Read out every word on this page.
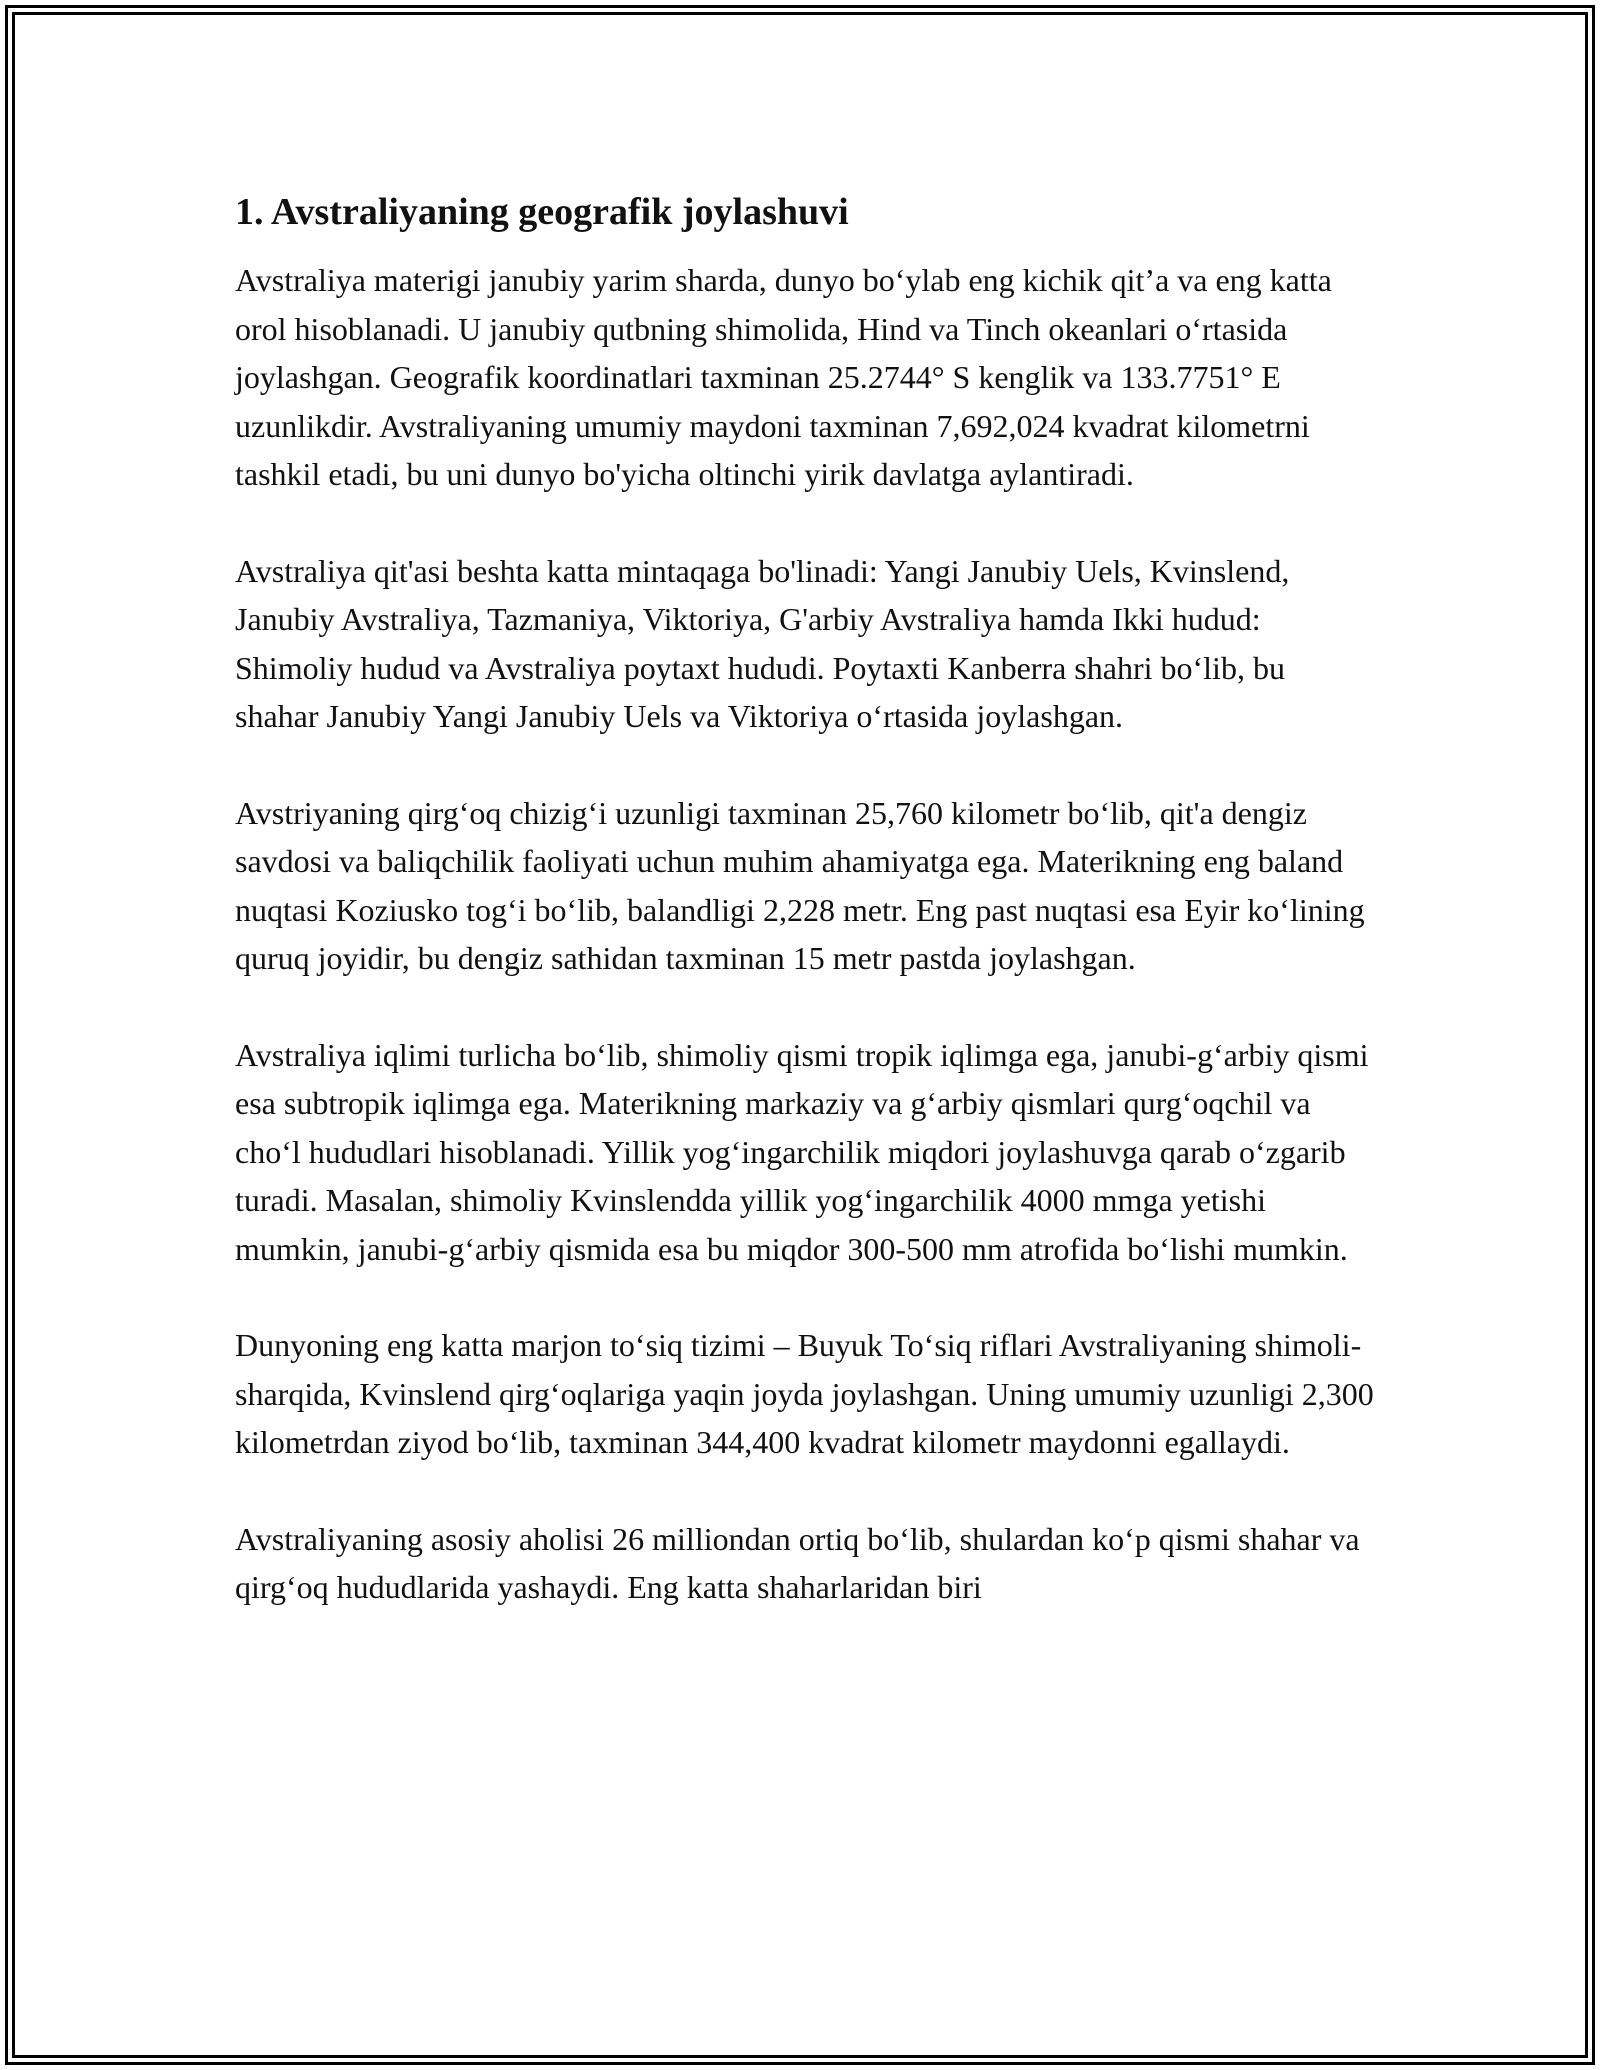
1. Avstraliyaning geografik joylashuvi

Avstraliya materigi janubiy yarim sharda, dunyo bo‘ylab eng kichik qit’a va eng katta orol hisoblanadi. U janubiy qutbning shimolida, Hind va Tinch okeanlari o‘rtasida joylashgan. Geografik koordinatlari taxminan 25.2744° S kenglik va 133.7751° E uzunlikdir. Avstraliyaning umumiy maydoni taxminan 7,692,024 kvadrat kilometrni tashkil etadi, bu uni dunyo bo'yicha oltinchi yirik davlatga aylantiradi.

Avstraliya qit'asi beshta katta mintaqaga bo'linadi: Yangi Janubiy Uels, Kvinslend, Janubiy Avstraliya, Tazmaniya, Viktoriya, G'arbiy Avstraliya hamda Ikki hudud: Shimoliy hudud va Avstraliya poytaxt hududi. Poytaxti Kanberra shahri bo‘lib, bu shahar Janubiy Yangi Janubiy Uels va Viktoriya o‘rtasida joylashgan.

Avstriyaning qirg‘oq chizig‘i uzunligi taxminan 25,760 kilometr bo‘lib, qit'a dengiz savdosi va baliqchilik faoliyati uchun muhim ahamiyatga ega. Materikning eng baland nuqtasi Koziusko tog‘i bo‘lib, balandligi 2,228 metr. Eng past nuqtasi esa Eyir ko‘lining quruq joyidir, bu dengiz sathidan taxminan 15 metr pastda joylashgan.

Avstraliya iqlimi turlicha bo‘lib, shimoliy qismi tropik iqlimga ega, janubi-g‘arbiy qismi esa subtropik iqlimga ega. Materikning markaziy va g‘arbiy qismlari qurg‘oqchil va cho‘l hududlari hisoblanadi. Yillik yog‘ingarchilik miqdori joylashuvga qarab o‘zgarib turadi. Masalan, shimoliy Kvinslendda yillik yog‘ingarchilik 4000 mmga yetishi mumkin, janubi-g‘arbiy qismida esa bu miqdor 300-500 mm atrofida bo‘lishi mumkin.

Dunyoning eng katta marjon to‘siq tizimi – Buyuk To‘siq riflari Avstraliyaning shimoli-sharqida, Kvinslend qirg‘oqlariga yaqin joyda joylashgan. Uning umumiy uzunligi 2,300 kilometrdan ziyod bo‘lib, taxminan 344,400 kvadrat kilometr maydonni egallaydi.

Avstraliyaning asosiy aholisi 26 milliondan ortiq bo‘lib, shulardan ko‘p qismi shahar va qirg‘oq hududlarida yashaydi. Eng katta shaharlaridan biri
